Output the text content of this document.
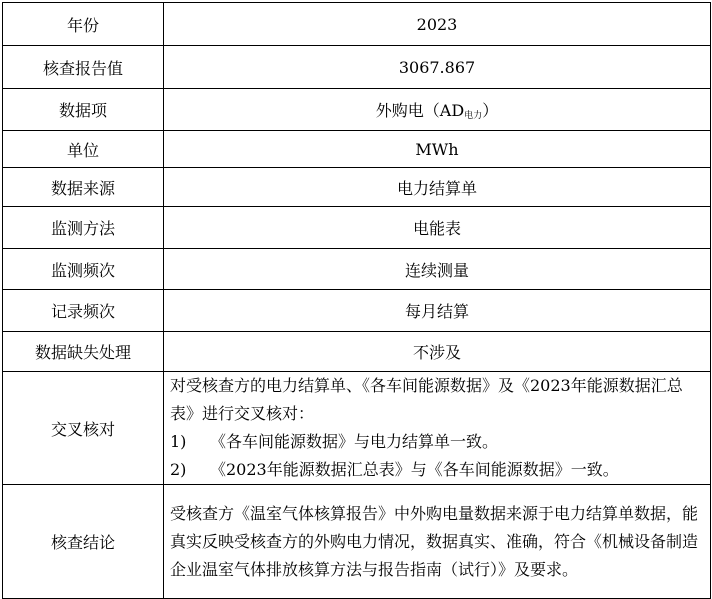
年份	2023
核查报告值	3067.867
数据项	外购电$(AD_{电力})$
单位	MWh
数据来源	电力结算单
监测方法	电能表
监测频次	连续测量
记录频次	每月结算
数据缺失处理	不涉及
交叉核对	对受核查方的电力结算单、《各车间能源数据》及《2023年能源数据汇总表》进行交叉核对：

1) 《各车间能源数据》与电力结算单一致。
2) 《2023年能源数据汇总表》与《各车间能源数据》一致。

核查结论	受核查方《温室气体核算报告》中外购电量数据来源于电力结算单数据，能真实反映受核查方的外购电力情况，数据真实、准确，符合《机械设备制造企业温室气体排放核算方法与报告指南（试行）》及要求。
